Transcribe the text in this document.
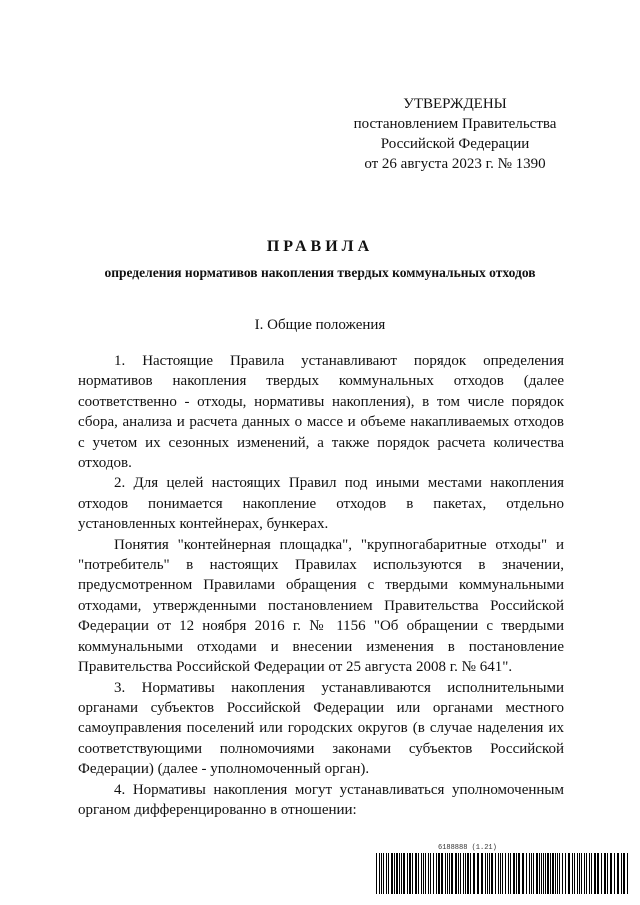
УТВЕРЖДЕНЫ
постановлением Правительства
Российской Федерации
от 26 августа 2023 г. № 1390
ПРАВИЛА
определения нормативов накопления твердых коммунальных отходов
I. Общие положения

1. Настоящие Правила устанавливают порядок определения нормативов накопления твердых коммунальных отходов (далее соответственно - отходы, нормативы накопления), в том числе порядок сбора, анализа и расчета данных о массе и объеме накапливаемых отходов с учетом их сезонных изменений, а также порядок расчета количества отходов.

2. Для целей настоящих Правил под иными местами накопления отходов понимается накопление отходов в пакетах, отдельно установленных контейнерах, бункерах.

Понятия "контейнерная площадка", "крупногабаритные отходы" и "потребитель" в настоящих Правилах используются в значении, предусмотренном Правилами обращения с твердыми коммунальными отходами, утвержденными постановлением Правительства Российской Федерации от 12 ноября 2016 г. № 1156 "Об обращении с твердыми коммунальными отходами и внесении изменения в постановление Правительства Российской Федерации от 25 августа 2008 г. № 641".

3. Нормативы накопления устанавливаются исполнительными органами субъектов Российской Федерации или органами местного самоуправления поселений или городских округов (в случае наделения их соответствующими полномочиями законами субъектов Российской Федерации) (далее - уполномоченный орган).

4. Нормативы накопления могут устанавливаться уполномоченным органом дифференцированно в отношении:

6188888 (1.21)
